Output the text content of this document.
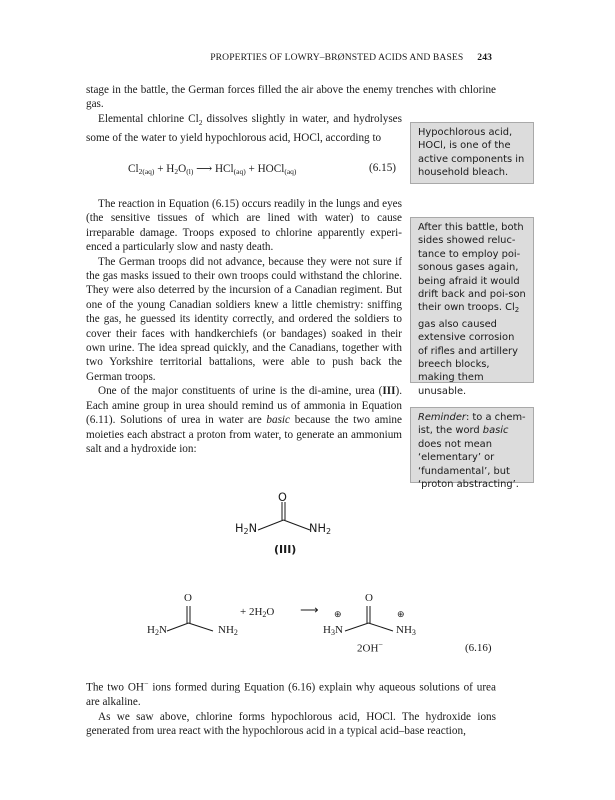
PROPERTIES OF LOWRY–BRØNSTED ACIDS AND BASES 243

stage in the battle, the German forces filled the air above the enemy trenches with chlorine gas.

Elemental chlorine $Cl_2$ dissolves slightly in water, and hydrolyses some of the water to yield hypochlorous acid, HOCl, according to

$Cl_{2(aq)} + H_2O_{(l)}$ ⟶ HCl$_{(aq)}$ + HOCl$_{(aq)}$	(6.15)

The reaction in Equation (6.15) occurs readily in the lungs and eyes (the sensitive tissues of which are lined with water) to cause irreparable damage. Troops exposed to chlorine apparently experi-enced a particularly slow and nasty death.

The German troops did not advance, because they were not sure if the gas masks issued to their own troops could withstand the chlorine. They were also deterred by the incursion of a Canadian regiment. But one of the young Canadian soldiers knew a little chemistry: sniffing the gas, he guessed its identity correctly, and ordered the soldiers to cover their faces with handkerchiefs (or bandages) soaked in their own urine. The idea spread quickly, and the Canadians, together with two Yorkshire territorial battalions, were able to push back the German troops.

One of the major constituents of urine is the di-amine, urea (III). Each amine group in urea should remind us of ammonia in Equation (6.11). Solutions of urea in water are basic because the two amine moieties each abstract a proton from water, to generate an ammonium salt and a hydroxide ion:

Hypochlorous acid, HOCl, is one of the active components in household bleach.
After this battle, both sides showed reluc-tance to employ poi-sonous gases again, being afraid it would drift back and poi-son their own troops. $Cl_2$ gas also caused extensive corrosion of rifles and artillery breech blocks, making them unusable.
Reminder: to a chem-ist, the word basic does not mean ‘elementary’ or ‘fundamental’, but ‘proton abstracting’.
O
$H_2N$	$NH_2$
(III)
O
$H_2N$	$NH_2$
+ $2H_2O$ ⟶
O
⊕	⊕
$H_3N$	$NH_3$
2OH−	(6.16)

The two OH− ions formed during Equation (6.16) explain why aqueous solutions of urea are alkaline.

As we saw above, chlorine forms hypochlorous acid, HOCl. The hydroxide ions generated from urea react with the hypochlorous acid in a typical acid–base reaction,
